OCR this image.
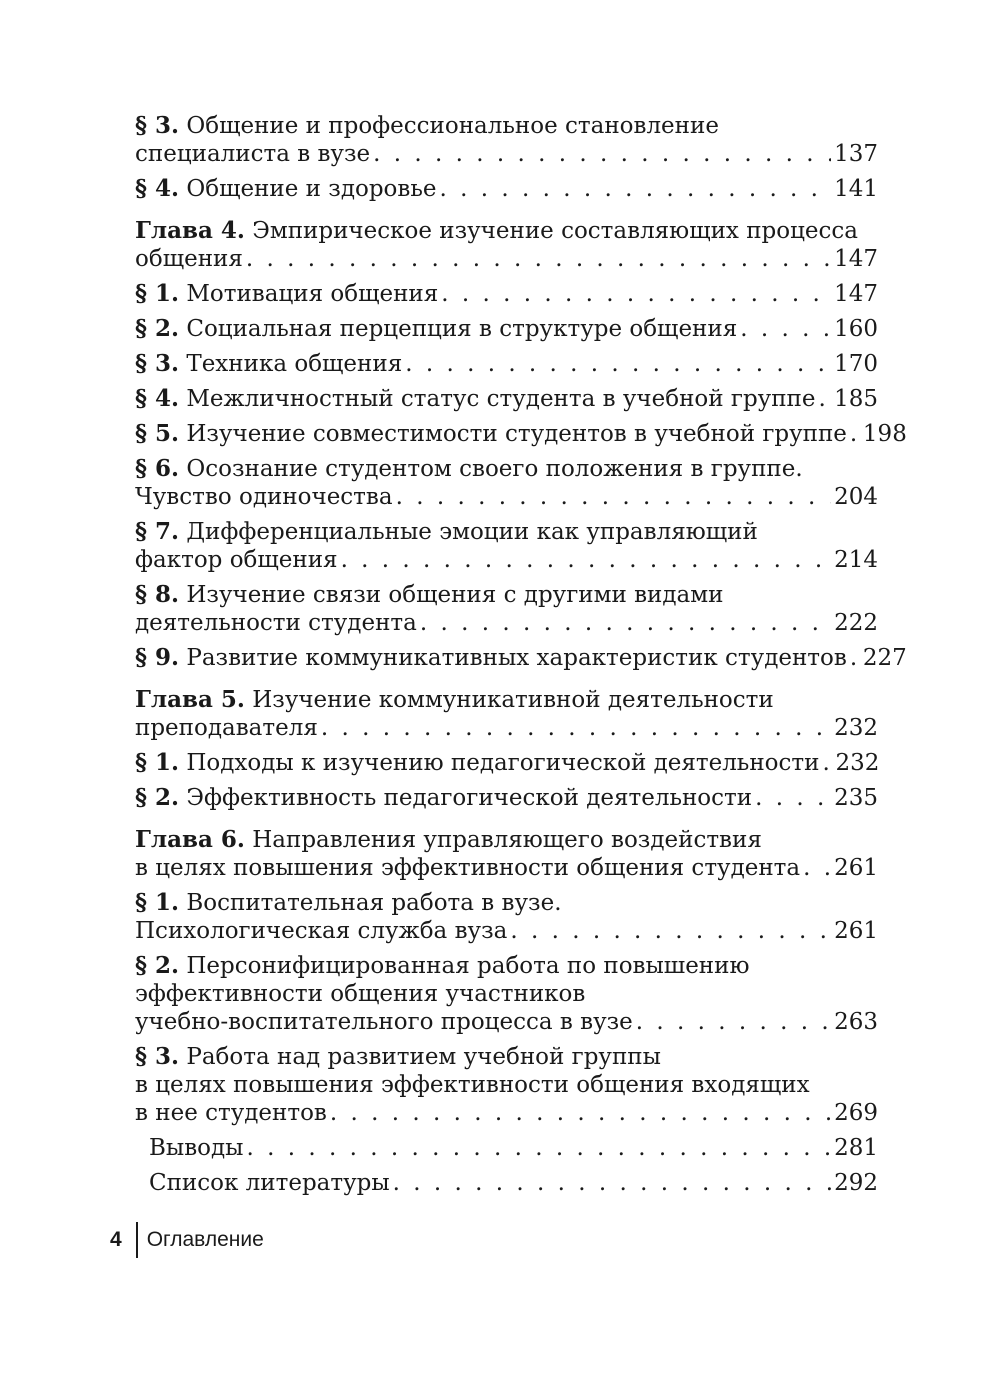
§ 3. Общение и профессиональное становление
специалиста в вузе . . .	137
§ 4. Общение и здоровье . . .	141
Глава 4. Эмпирическое изучение составляющих процесса
общения . . .	147
§ 1. Мотивация общения . . .	147
§ 2. Социальная перцепция в структуре общения . . .	160
§ 3. Техника общения . . .	170
§ 4. Межличностный статус студента в учебной группе . . . 185
§ 5. Изучение совместимости студентов в учебной группе . . . 198
§ 6. Осознание студентом своего положения в группе.
Чувство одиночества . . .	204
§ 7. Дифференциальные эмоции как управляющий
фактор общения . . .	214
§ 8. Изучение связи общения с другими видами
деятельности студента . . .	222
§ 9. Развитие коммуникативных характеристик студентов . . . 227
Глава 5. Изучение коммуникативной деятельности
преподавателя . . .	232
§ 1. Подходы к изучению педагогической деятельности . . . 232
§ 2. Эффективность педагогической деятельности . . .	235
Глава 6. Направления управляющего воздействия
в целях повышения эффективности общения студента . . . 261
§ 1. Воспитательная работа в вузе.
Психологическая служба вуза . . .	261
§ 2. Персонифицированная работа по повышению
эффективности общения участников
учебно-воспитательного процесса в вузе . . .	263
§ 3. Работа над развитием учебной группы
в целях повышения эффективности общения входящих
в нее студентов . . .	269
Выводы . . .	281
Список литературы . . .	292
4 Оглавление
